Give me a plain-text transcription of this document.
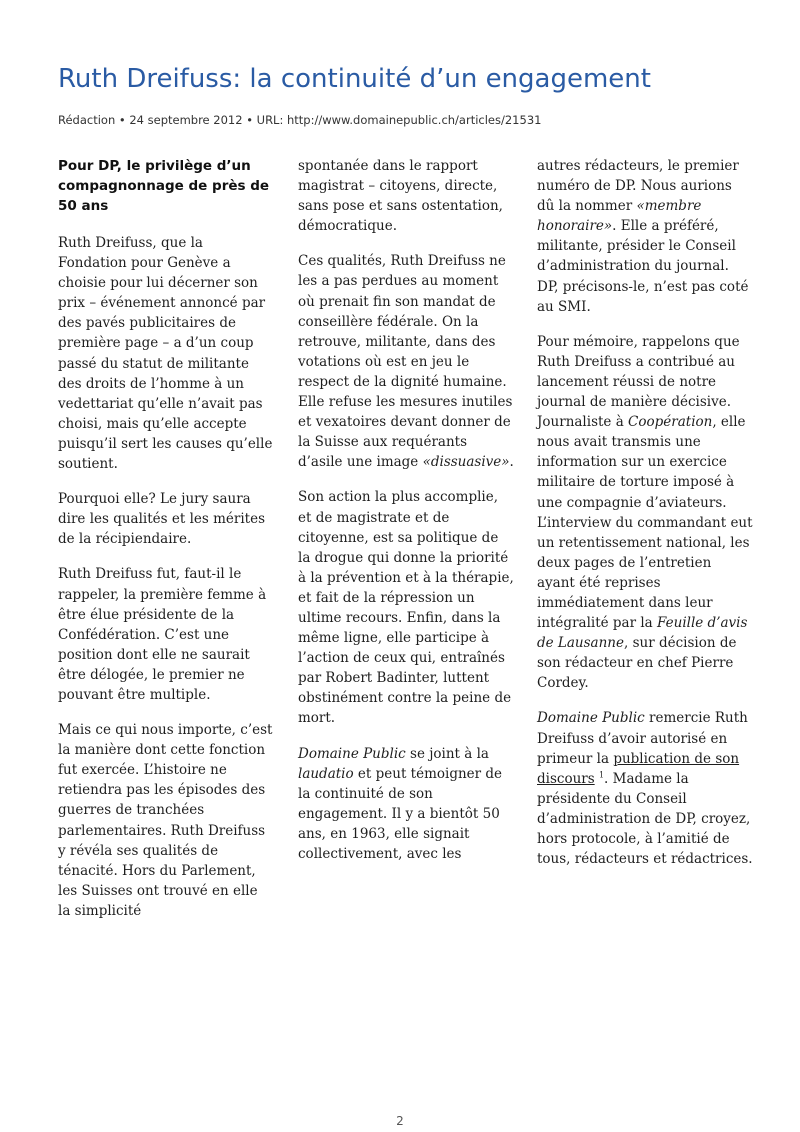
Ruth Dreifuss: la continuité d’un engagement
Rédaction • 24 septembre 2012 • URL: http://www.domainepublic.ch/articles/21531
Pour DP, le privilège d’un compagnonnage de près de 50 ans

Ruth Dreifuss, que la Fondation pour Genève a choisie pour lui décerner son prix – événement annoncé par des pavés publicitaires de première page – a d’un coup passé du statut de militante des droits de l’homme à un vedettariat qu’elle n’avait pas choisi, mais qu’elle accepte puisqu’il sert les causes qu’elle soutient.

Pourquoi elle? Le jury saura dire les qualités et les mérites de la récipiendaire.

Ruth Dreifuss fut, faut-il le rappeler, la première femme à être élue présidente de la Confédération. C’est une position dont elle ne saurait être délogée, le premier ne pouvant être multiple.

Mais ce qui nous importe, c’est la manière dont cette fonction fut exercée. L’histoire ne retiendra pas les épisodes des guerres de tranchées parlementaires. Ruth Dreifuss y révéla ses qualités de ténacité. Hors du Parlement, les Suisses ont trouvé en elle la simplicité

spontanée dans le rapport magistrat – citoyens, directe, sans pose et sans ostentation, démocratique.

Ces qualités, Ruth Dreifuss ne les a pas perdues au moment où prenait fin son mandat de conseillère fédérale. On la retrouve, militante, dans des votations où est en jeu le respect de la dignité humaine. Elle refuse les mesures inutiles et vexatoires devant donner de la Suisse aux requérants d’asile une image «dissuasive».

Son action la plus accomplie, et de magistrate et de citoyenne, est sa politique de la drogue qui donne la priorité à la prévention et à la thérapie, et fait de la répression un ultime recours. Enfin, dans la même ligne, elle participe à l’action de ceux qui, entraînés par Robert Badinter, luttent obstinément contre la peine de mort.

Domaine Public se joint à la laudatio et peut témoigner de la continuité de son engagement. Il y a bientôt 50 ans, en 1963, elle signait collectivement, avec les

autres rédacteurs, le premier numéro de DP. Nous aurions dû la nommer «membre honoraire». Elle a préféré, militante, présider le Conseil d’administration du journal. DP, précisons-le, n’est pas coté au SMI.

Pour mémoire, rappelons que Ruth Dreifuss a contribué au lancement réussi de notre journal de manière décisive. Journaliste à Coopération, elle nous avait transmis une information sur un exercice militaire de torture imposé à une compagnie d’aviateurs. L’interview du commandant eut un retentissement national, les deux pages de l’entretien ayant été reprises immédiatement dans leur intégralité par la Feuille d’avis de Lausanne, sur décision de son rédacteur en chef Pierre Cordey.

Domaine Public remercie Ruth Dreifuss d’avoir autorisé en primeur la publication de son discours $^1$. Madame la présidente du Conseil d’administration de DP, croyez, hors protocole, à l’amitié de tous, rédacteurs et rédactrices.

2
